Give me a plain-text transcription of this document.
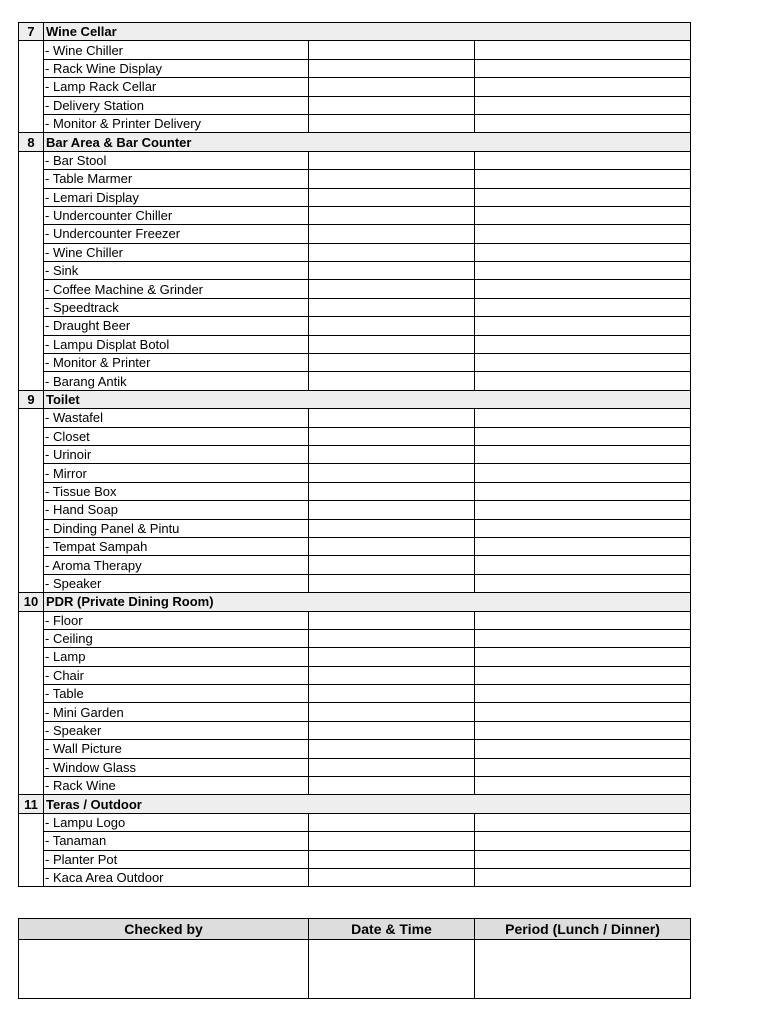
7	Wine Cellar		
	- Wine Chiller		
	- Rack Wine Display		
	- Lamp Rack Cellar		
	- Delivery Station		
	- Monitor & Printer Delivery		
8	Bar Area & Bar Counter		
	- Bar Stool		
	- Table Marmer		
	- Lemari Display		
	- Undercounter Chiller		
	- Undercounter Freezer		
	- Wine Chiller		
	- Sink		
	- Coffee Machine & Grinder		
	- Speedtrack		
	- Draught Beer		
	- Lampu Displat Botol		
	- Monitor & Printer		
	- Barang Antik		
9	Toilet		
	- Wastafel		
	- Closet		
	- Urinoir		
	- Mirror		
	- Tissue Box		
	- Hand Soap		
	- Dinding Panel & Pintu		
	- Tempat Sampah		
	- Aroma Therapy		
	- Speaker		
10	PDR (Private Dining Room)		
	- Floor		
	- Ceiling		
	- Lamp		
	- Chair		
	- Table		
	- Mini Garden		
	- Speaker		
	- Wall Picture		
	- Window Glass		
	- Rack Wine		
11	Teras / Outdoor		
	- Lampu Logo		
	- Tanaman		
	- Planter Pot		
	- Kaca Area Outdoor		
Checked by	Date & Time	Period (Lunch / Dinner)
